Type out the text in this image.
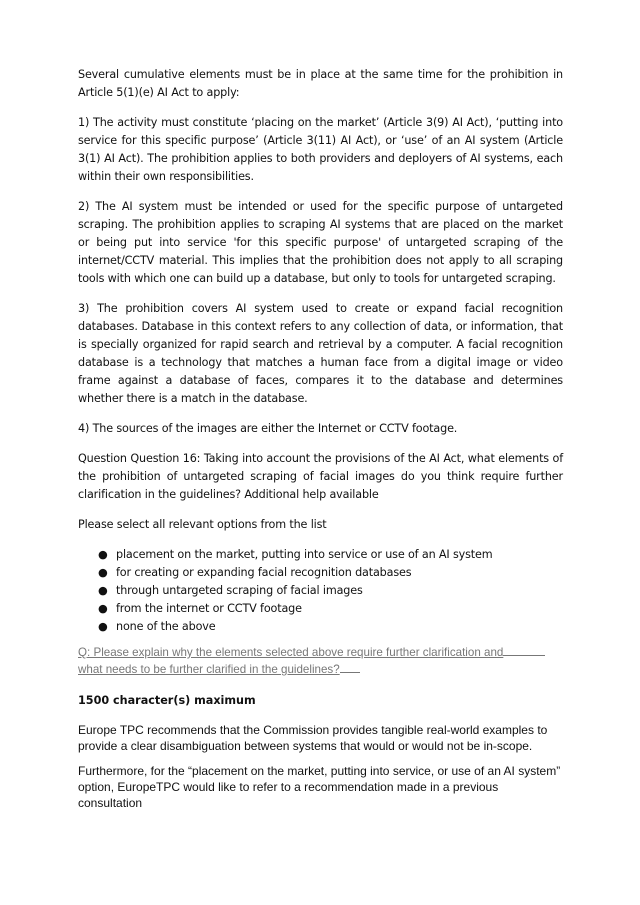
Several cumulative elements must be in place at the same time for the prohibition in Article 5(1)(e) AI Act to apply:

1) The activity must constitute ‘placing on the market’ (Article 3(9) AI Act), ‘putting into service for this specific purpose’ (Article 3(11) AI Act), or ‘use’ of an AI system (Article 3(1) AI Act). The prohibition applies to both providers and deployers of AI systems, each within their own responsibilities.

2) The AI system must be intended or used for the specific purpose of untargeted scraping. The prohibition applies to scraping AI systems that are placed on the market or being put into service 'for this specific purpose' of untargeted scraping of the internet/CCTV material. This implies that the prohibition does not apply to all scraping tools with which one can build up a database, but only to tools for untargeted scraping.

3) The prohibition covers AI system used to create or expand facial recognition databases. Database in this context refers to any collection of data, or information, that is specially organized for rapid search and retrieval by a computer. A facial recognition database is a technology that matches a human face from a digital image or video frame against a database of faces, compares it to the database and determines whether there is a match in the database.

4) The sources of the images are either the Internet or CCTV footage.

Question Question 16: Taking into account the provisions of the AI Act, what elements of the prohibition of untargeted scraping of facial images do you think require further clarification in the guidelines? Additional help available

Please select all relevant options from the list

● placement on the market, putting into service or use of an AI system
● for creating or expanding facial recognition databases
● through untargeted scraping of facial images
● from the internet or CCTV footage
● none of the above
Q: Please explain why the elements selected above require further clarification and
what needs to be further clarified in the guidelines?

1500 character(s) maximum

Europe TPC recommends that the Commission provides tangible real-world examples to provide a clear disambiguation between systems that would or would not be in-scope.

Furthermore, for the “placement on the market, putting into service, or use of an AI system” option, EuropeTPC would like to refer to a recommendation made in a previous consultation
